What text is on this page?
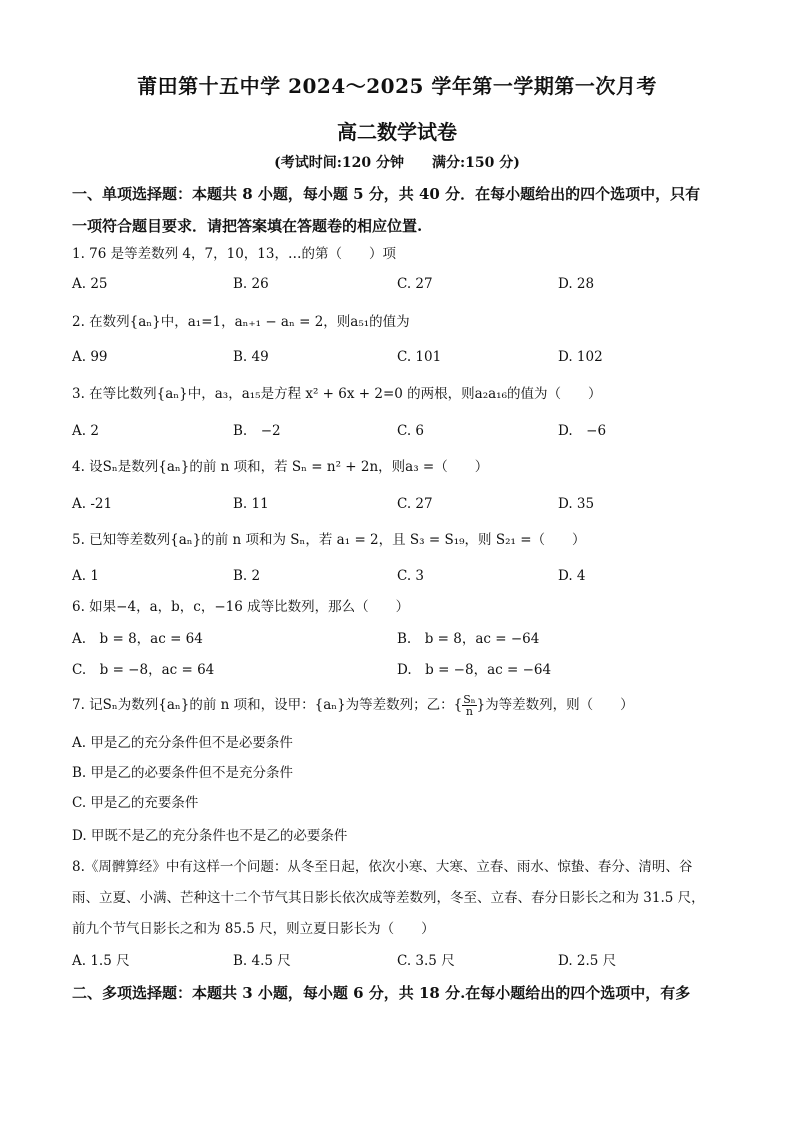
莆田第十五中学 2024～2025 学年第一学期第一次月考
高二数学试卷
(考试时间:120 分钟　　满分:150 分)
一、单项选择题：本题共 8 小题，每小题 5 分，共 40 分．在每小题给出的四个选项中，只有
一项符合题目要求．请把答案填在答题卷的相应位置.
1. 76 是等差数列 4，7，10，13，…的第（　　）项
A. 25	B. 26	C. 27	D. 28
2. 在数列{aₙ}中，a₁=1，aₙ₊₁ − aₙ = 2，则a₅₁的值为
A. 99	B. 49	C. 101	D. 102
3. 在等比数列{aₙ}中，a₃，a₁₅是方程 x² + 6x + 2=0 的两根，则a₂a₁₆的值为（　　）
A. 2	B.　−2	C. 6	D.　−6
4. 设Sₙ是数列{aₙ}的前 n 项和，若 Sₙ = n² + 2n，则a₃ =（　　）
A. -21	B. 11	C. 27	D. 35
5. 已知等差数列{aₙ}的前 n 项和为 Sₙ，若 a₁ = 2，且 S₃ = S₁₉，则 S₂₁ =（　　）
A. 1	B. 2	C. 3	D. 4
6. 如果−4，a，b，c，−16 成等比数列，那么（　　）
A.　b = 8，ac = 64	B.　b = 8，ac = −64
C.　b = −8，ac = 64	D.　b = −8，ac = −64
7. 记Sₙ为数列{aₙ}的前 n 项和，设甲：{aₙ}为等差数列；乙：{ $\frac{\text{Sₙ}}{n}$ }为等差数列，则（　　）
A. 甲是乙的充分条件但不是必要条件
B. 甲是乙的必要条件但不是充分条件
C. 甲是乙的充要条件
D. 甲既不是乙的充分条件也不是乙的必要条件
8.《周髀算经》中有这样一个问题：从冬至日起，依次小寒、大寒、立春、雨水、惊蛰、春分、清明、谷
雨、立夏、小满、芒种这十二个节气其日影长依次成等差数列，冬至、立春、春分日影长之和为 31.5 尺，
前九个节气日影长之和为 85.5 尺，则立夏日影长为（　　）
A. 1.5 尺	B. 4.5 尺	C. 3.5 尺	D. 2.5 尺
二、多项选择题：本题共 3 小题，每小题 6 分，共 18 分.在每小题给出的四个选项中，有多
